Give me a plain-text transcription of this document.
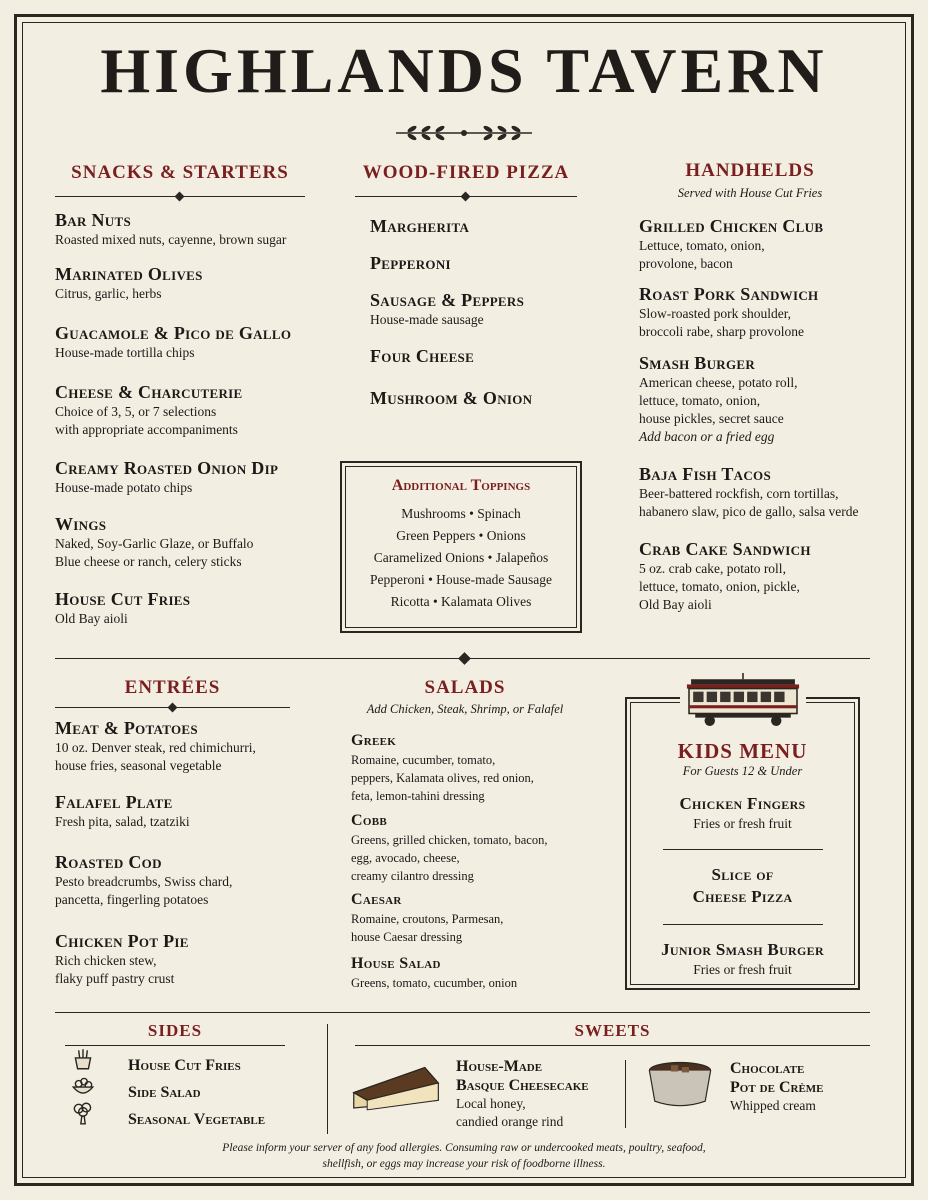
HIGHLANDS TAVERN
SNACKS & STARTERS
Bar Nuts
Roasted mixed nuts, cayenne, brown sugar
Marinated Olives
Citrus, garlic, herbs
Guacamole & Pico de Gallo
House-made tortilla chips
Cheese & Charcuterie
Choice of 3, 5, or 7 selections
with appropriate accompaniments
Creamy Roasted Onion Dip
House-made potato chips
Wings
Naked, Soy-Garlic Glaze, or Buffalo
Blue cheese or ranch, celery sticks
House Cut Fries
Old Bay aioli
WOOD-FIRED PIZZA
Margherita
Pepperoni
Sausage & Peppers
House-made sausage
Four Cheese
Mushroom & Onion
Additional Toppings
Mushrooms • Spinach
Green Peppers • Onions
Caramelized Onions • Jalapeños
Pepperoni • House-made Sausage
Ricotta • Kalamata Olives
HANDHELDS
Served with House Cut Fries
Grilled Chicken Club
Lettuce, tomato, onion,
provolone, bacon
Roast Pork Sandwich
Slow-roasted pork shoulder,
broccoli rabe, sharp provolone
Smash Burger
American cheese, potato roll,
lettuce, tomato, onion,
house pickles, secret sauce
Add bacon or a fried egg
Baja Fish Tacos
Beer-battered rockfish, corn tortillas,
habanero slaw, pico de gallo, salsa verde
Crab Cake Sandwich
5 oz. crab cake, potato roll,
lettuce, tomato, onion, pickle,
Old Bay aioli
ENTRÉES
Meat & Potatoes
10 oz. Denver steak, red chimichurri,
house fries, seasonal vegetable
Falafel Plate
Fresh pita, salad, tzatziki
Roasted Cod
Pesto breadcrumbs, Swiss chard,
pancetta, fingerling potatoes
Chicken Pot Pie
Rich chicken stew,
flaky puff pastry crust
SALADS
Add Chicken, Steak, Shrimp, or Falafel
Greek
Romaine, cucumber, tomato,
peppers, Kalamata olives, red onion,
feta, lemon-tahini dressing
Cobb
Greens, grilled chicken, tomato, bacon,
egg, avocado, cheese,
creamy cilantro dressing
Caesar
Romaine, croutons, Parmesan,
house Caesar dressing
House Salad
Greens, tomato, cucumber, onion
KIDS MENU
For Guests 12 & Under
Chicken Fingers
Fries or fresh fruit
Slice of
Cheese Pizza
Junior Smash Burger
Fries or fresh fruit
SIDES	SWEETS
House Cut Fries
Side Salad
Seasonal Vegetable
House-Made
Basque Cheesecake
Local honey,
candied orange rind
Chocolate
Pot de Crème
Whipped cream
Please inform your server of any food allergies. Consuming raw or undercooked meats, poultry, seafood,
shellfish, or eggs may increase your risk of foodborne illness.
